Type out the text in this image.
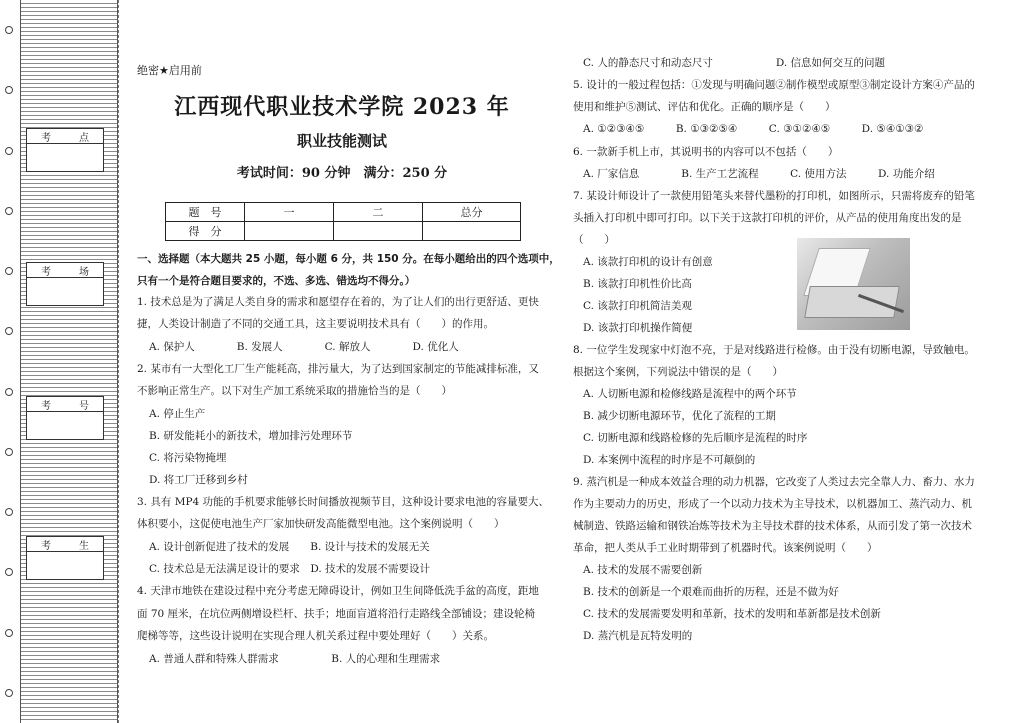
考	点
考	场
考	号
考	生
绝密★启用前
江西现代职业技术学院 2023 年
职业技能测试
考试时间：90 分钟　满分：250 分
题　号	一	二	总分
得　分			
一、选择题（本大题共 25 小题，每小题 6 分，共 150 分。在每小题给出的四个选项中，
只有一个是符合题目要求的，不选、多选、错选均不得分。）
1. 技术总是为了满足人类自身的需求和愿望存在着的，为了让人们的出行更舒适、更快
捷，人类设计制造了不同的交通工具，这主要说明技术具有（　　）的作用。
A. 保护人　　　　B. 发展人　　　　C. 解放人　　　　D. 优化人
2. 某市有一大型化工厂生产能耗高，排污量大，为了达到国家制定的节能减排标准，又
不影响正常生产。以下对生产加工系统采取的措施恰当的是（　　）
A. 停止生产
B. 研发能耗小的新技术，增加排污处理环节
C. 将污染物掩埋
D. 将工厂迁移到乡村
3. 具有 MP4 功能的手机要求能够长时间播放视频节目，这种设计要求电池的容量要大、
体积要小，这促使电池生产厂家加快研发高能微型电池。这个案例说明（　　）
A. 设计创新促进了技术的发展　　B. 设计与技术的发展无关
C. 技术总是无法满足设计的要求　D. 技术的发展不需要设计
4. 天津市地铁在建设过程中充分考虑无障碍设计，例如卫生间降低洗手盆的高度，距地
面 70 厘米，在坑位两侧增设栏杆、扶手；地面盲道将沿行走路线全部铺设；建设轮椅
爬梯等等，这些设计说明在实现合理人机关系过程中要处理好（　　）关系。
A. 普通人群和特殊人群需求　　　　　B. 人的心理和生理需求
C. 人的静态尺寸和动态尺寸　　　　　　D. 信息如何交互的问题
5. 设计的一般过程包括：①发现与明确问题②制作模型或原型③制定设计方案④产品的
使用和维护⑤测试、评估和优化。正确的顺序是（　　）
A. ①②③④⑤　　　B. ①③②⑤④　　　C. ③①②④⑤　　　D. ⑤④①③②
6. 一款新手机上市，其说明书的内容可以不包括（　　）
A. 厂家信息　　　　B. 生产工艺流程　　　C. 使用方法　　　D. 功能介绍
7. 某设计师设计了一款使用铅笔头来替代墨粉的打印机，如图所示，只需将废弃的铅笔
头插入打印机中即可打印。以下关于这款打印机的评价，从产品的使用角度出发的是
（　　）
A. 该款打印机的设计有创意
B. 该款打印机性价比高
C. 该款打印机简洁美观
D. 该款打印机操作简便
8. 一位学生发现家中灯泡不亮，于是对线路进行检修。由于没有切断电源，导致触电。
根据这个案例，下列说法中错误的是（　　）
A. 人切断电源和检修线路是流程中的两个环节
B. 减少切断电源环节，优化了流程的工期
C. 切断电源和线路检修的先后顺序是流程的时序
D. 本案例中流程的时序是不可颠倒的
9. 蒸汽机是一种成本效益合理的动力机器，它改变了人类过去完全靠人力、畜力、水力
作为主要动力的历史，形成了一个以动力技术为主导技术，以机器加工、蒸汽动力、机
械制造、铁路运输和钢铁冶炼等技术为主导技术群的技术体系，从而引发了第一次技术
革命，把人类从手工业时期带到了机器时代。该案例说明（　　）
A. 技术的发展不需要创新
B. 技术的创新是一个艰难而曲折的历程，还是不做为好
C. 技术的发展需要发明和革新，技术的发明和革新都是技术创新
D. 蒸汽机是瓦特发明的
